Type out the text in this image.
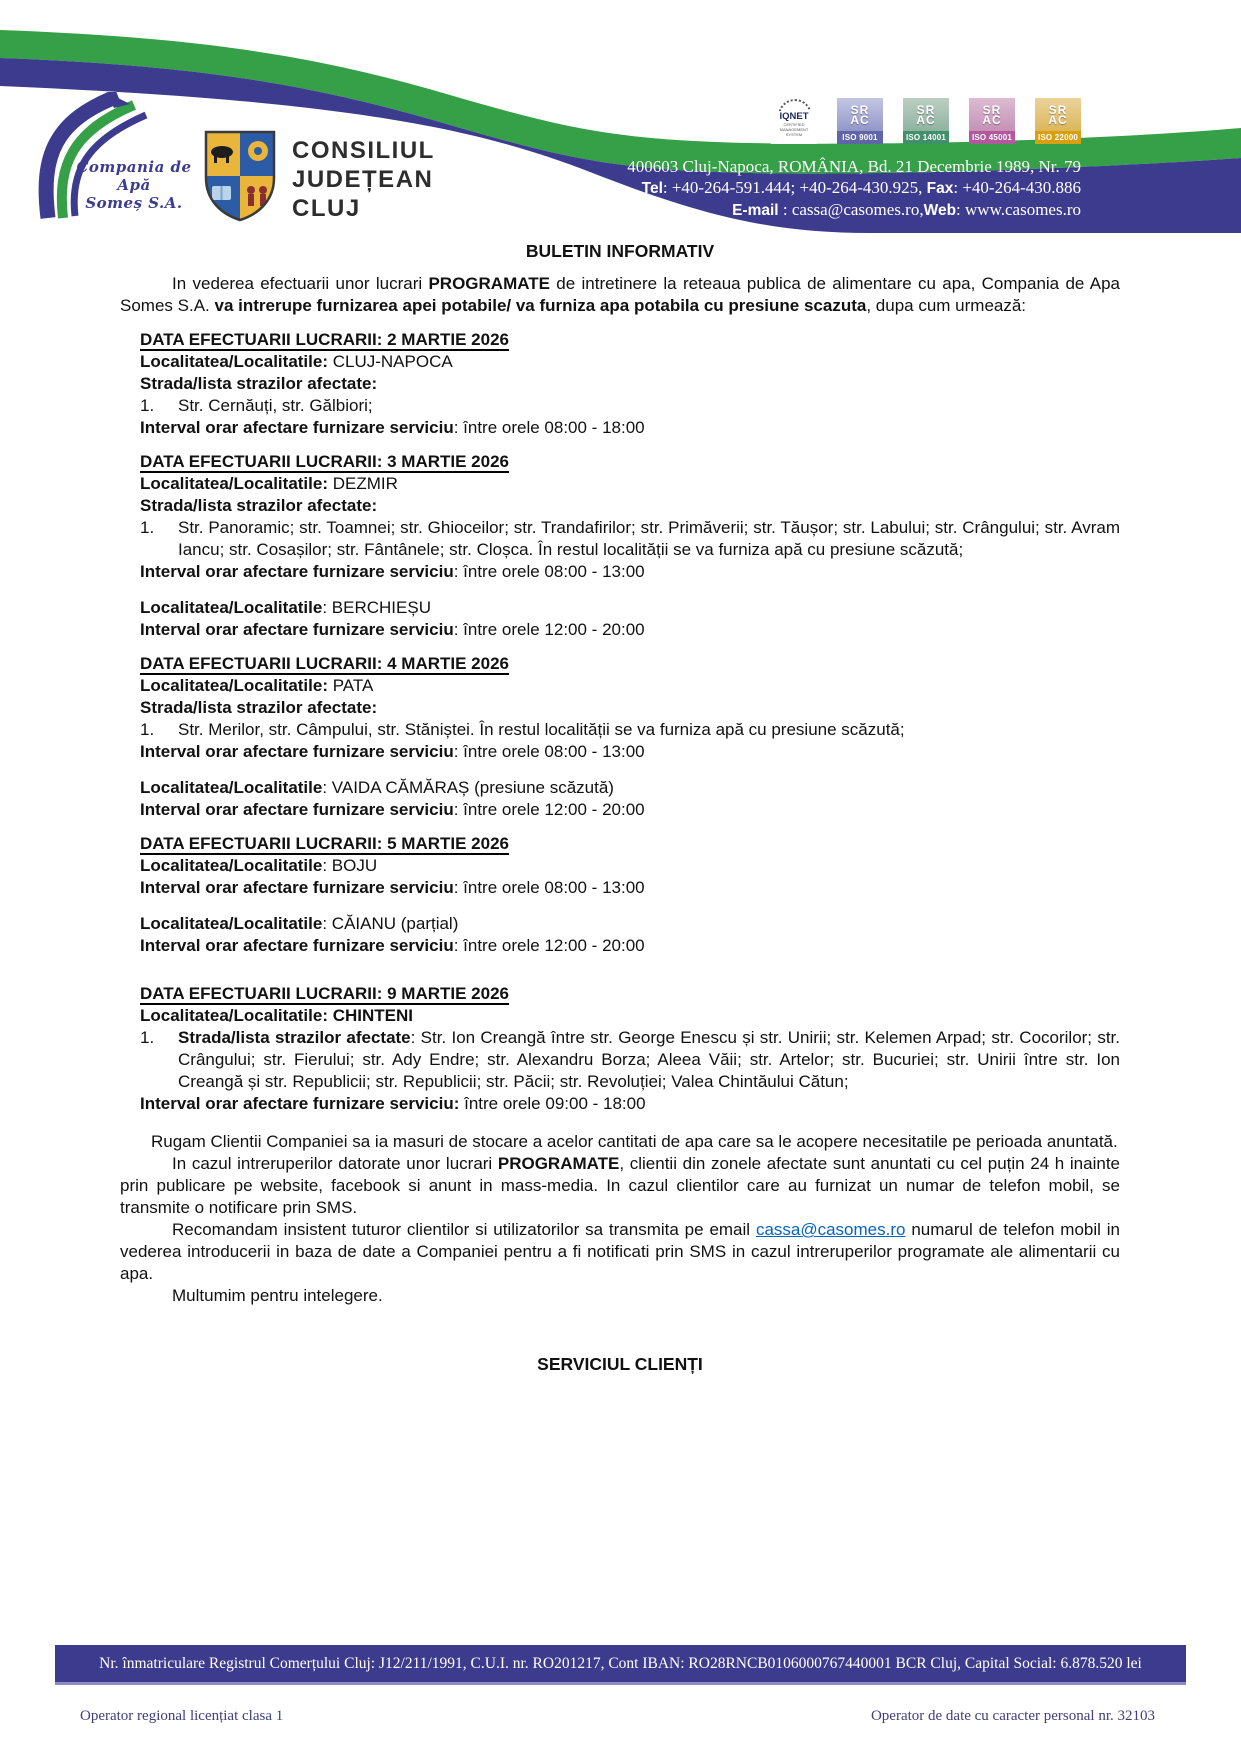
Compania de Apă
Someș S.A.
CONSILIUL
JUDEȚEAN
CLUJ
IQNET
CERTIFIED MANAGEMENT SYSTEM
SR
AC
ISO 9001
SR
AC
ISO 14001
SR
AC
ISO 45001
SR
AC
ISO 22000
400603 Cluj-Napoca, ROMÂNIA, Bd. 21 Decembrie 1989, Nr. 79
Tel: +40-264-591.444; +40-264-430.925, Fax: +40-264-430.886
E-mail : cassa@casomes.ro,Web: www.casomes.ro
BULETIN INFORMATIV

In vederea efectuarii unor lucrari PROGRAMATE de intretinere la reteaua publica de alimentare cu apa, Compania de Apa Somes S.A. va intrerupe furnizarea apei potabile/ va furniza apa potabila cu presiune scazuta, dupa cum urmează:

DATA EFECTUARII LUCRARII: 2 MARTIE 2026
Localitatea/Localitatile: CLUJ-NAPOCA
Strada/lista strazilor afectate:
1.	Str. Cernăuți, str. Gălbiori;
Interval orar afectare furnizare serviciu: între orele 08:00 - 18:00
DATA EFECTUARII LUCRARII: 3 MARTIE 2026
Localitatea/Localitatile: DEZMIR
Strada/lista strazilor afectate:
1.	Str. Panoramic; str. Toamnei; str. Ghioceilor; str. Trandafirilor; str. Primăverii; str. Tăușor; str. Labului; str. Crângului; str. Avram Iancu; str. Cosașilor; str. Fântânele; str. Cloșca. În restul localității se va furniza apă cu presiune scăzută;
Interval orar afectare furnizare serviciu: între orele 08:00 - 13:00
Localitatea/Localitatile: BERCHIEȘU
Interval orar afectare furnizare serviciu: între orele 12:00 - 20:00
DATA EFECTUARII LUCRARII: 4 MARTIE 2026
Localitatea/Localitatile: PATA
Strada/lista strazilor afectate:
1.	Str. Merilor, str. Câmpului, str. Stăniștei. În restul localității se va furniza apă cu presiune scăzută;
Interval orar afectare furnizare serviciu: între orele 08:00 - 13:00
Localitatea/Localitatile: VAIDA CĂMĂRAȘ (presiune scăzută)
Interval orar afectare furnizare serviciu: între orele 12:00 - 20:00
DATA EFECTUARII LUCRARII: 5 MARTIE 2026
Localitatea/Localitatile: BOJU
Interval orar afectare furnizare serviciu: între orele 08:00 - 13:00
Localitatea/Localitatile: CĂIANU (parțial)
Interval orar afectare furnizare serviciu: între orele 12:00 - 20:00
DATA EFECTUARII LUCRARII: 9 MARTIE 2026
Localitatea/Localitatile: CHINTENI
1.	Strada/lista strazilor afectate: Str. Ion Creangă între str. George Enescu și str. Unirii; str. Kelemen Arpad; str. Cocorilor; str. Crângului; str. Fierului; str. Ady Endre; str. Alexandru Borza; Aleea Văii; str. Artelor; str. Bucuriei; str. Unirii între str. Ion Creangă și str. Republicii; str. Republicii; str. Păcii; str. Revoluției; Valea Chintăului Cătun;
Interval orar afectare furnizare serviciu: între orele 09:00 - 18:00

Rugam Clientii Companiei sa ia masuri de stocare a acelor cantitati de apa care sa le acopere necesitatile pe perioada anuntată.

In cazul intreruperilor datorate unor lucrari PROGRAMATE, clientii din zonele afectate sunt anuntati cu cel puțin 24 h inainte prin publicare pe website, facebook si anunt in mass-media. In cazul clientilor care au furnizat un numar de telefon mobil, se transmite o notificare prin SMS.

Recomandam insistent tuturor clientilor si utilizatorilor sa transmita pe email cassa@casomes.ro numarul de telefon mobil in vederea introducerii in baza de date a Companiei pentru a fi notificati prin SMS in cazul intreruperilor programate ale alimentarii cu apa.

Multumim pentru intelegere.

SERVICIUL CLIENȚI
Nr. înmatriculare Registrul Comerțului Cluj: J12/211/1991, C.U.I. nr. RO201217, Cont IBAN: RO28RNCB0106000767440001 BCR Cluj, Capital Social: 6.878.520 lei
Operator regional licențiat clasa 1	Operator de date cu caracter personal nr. 32103
